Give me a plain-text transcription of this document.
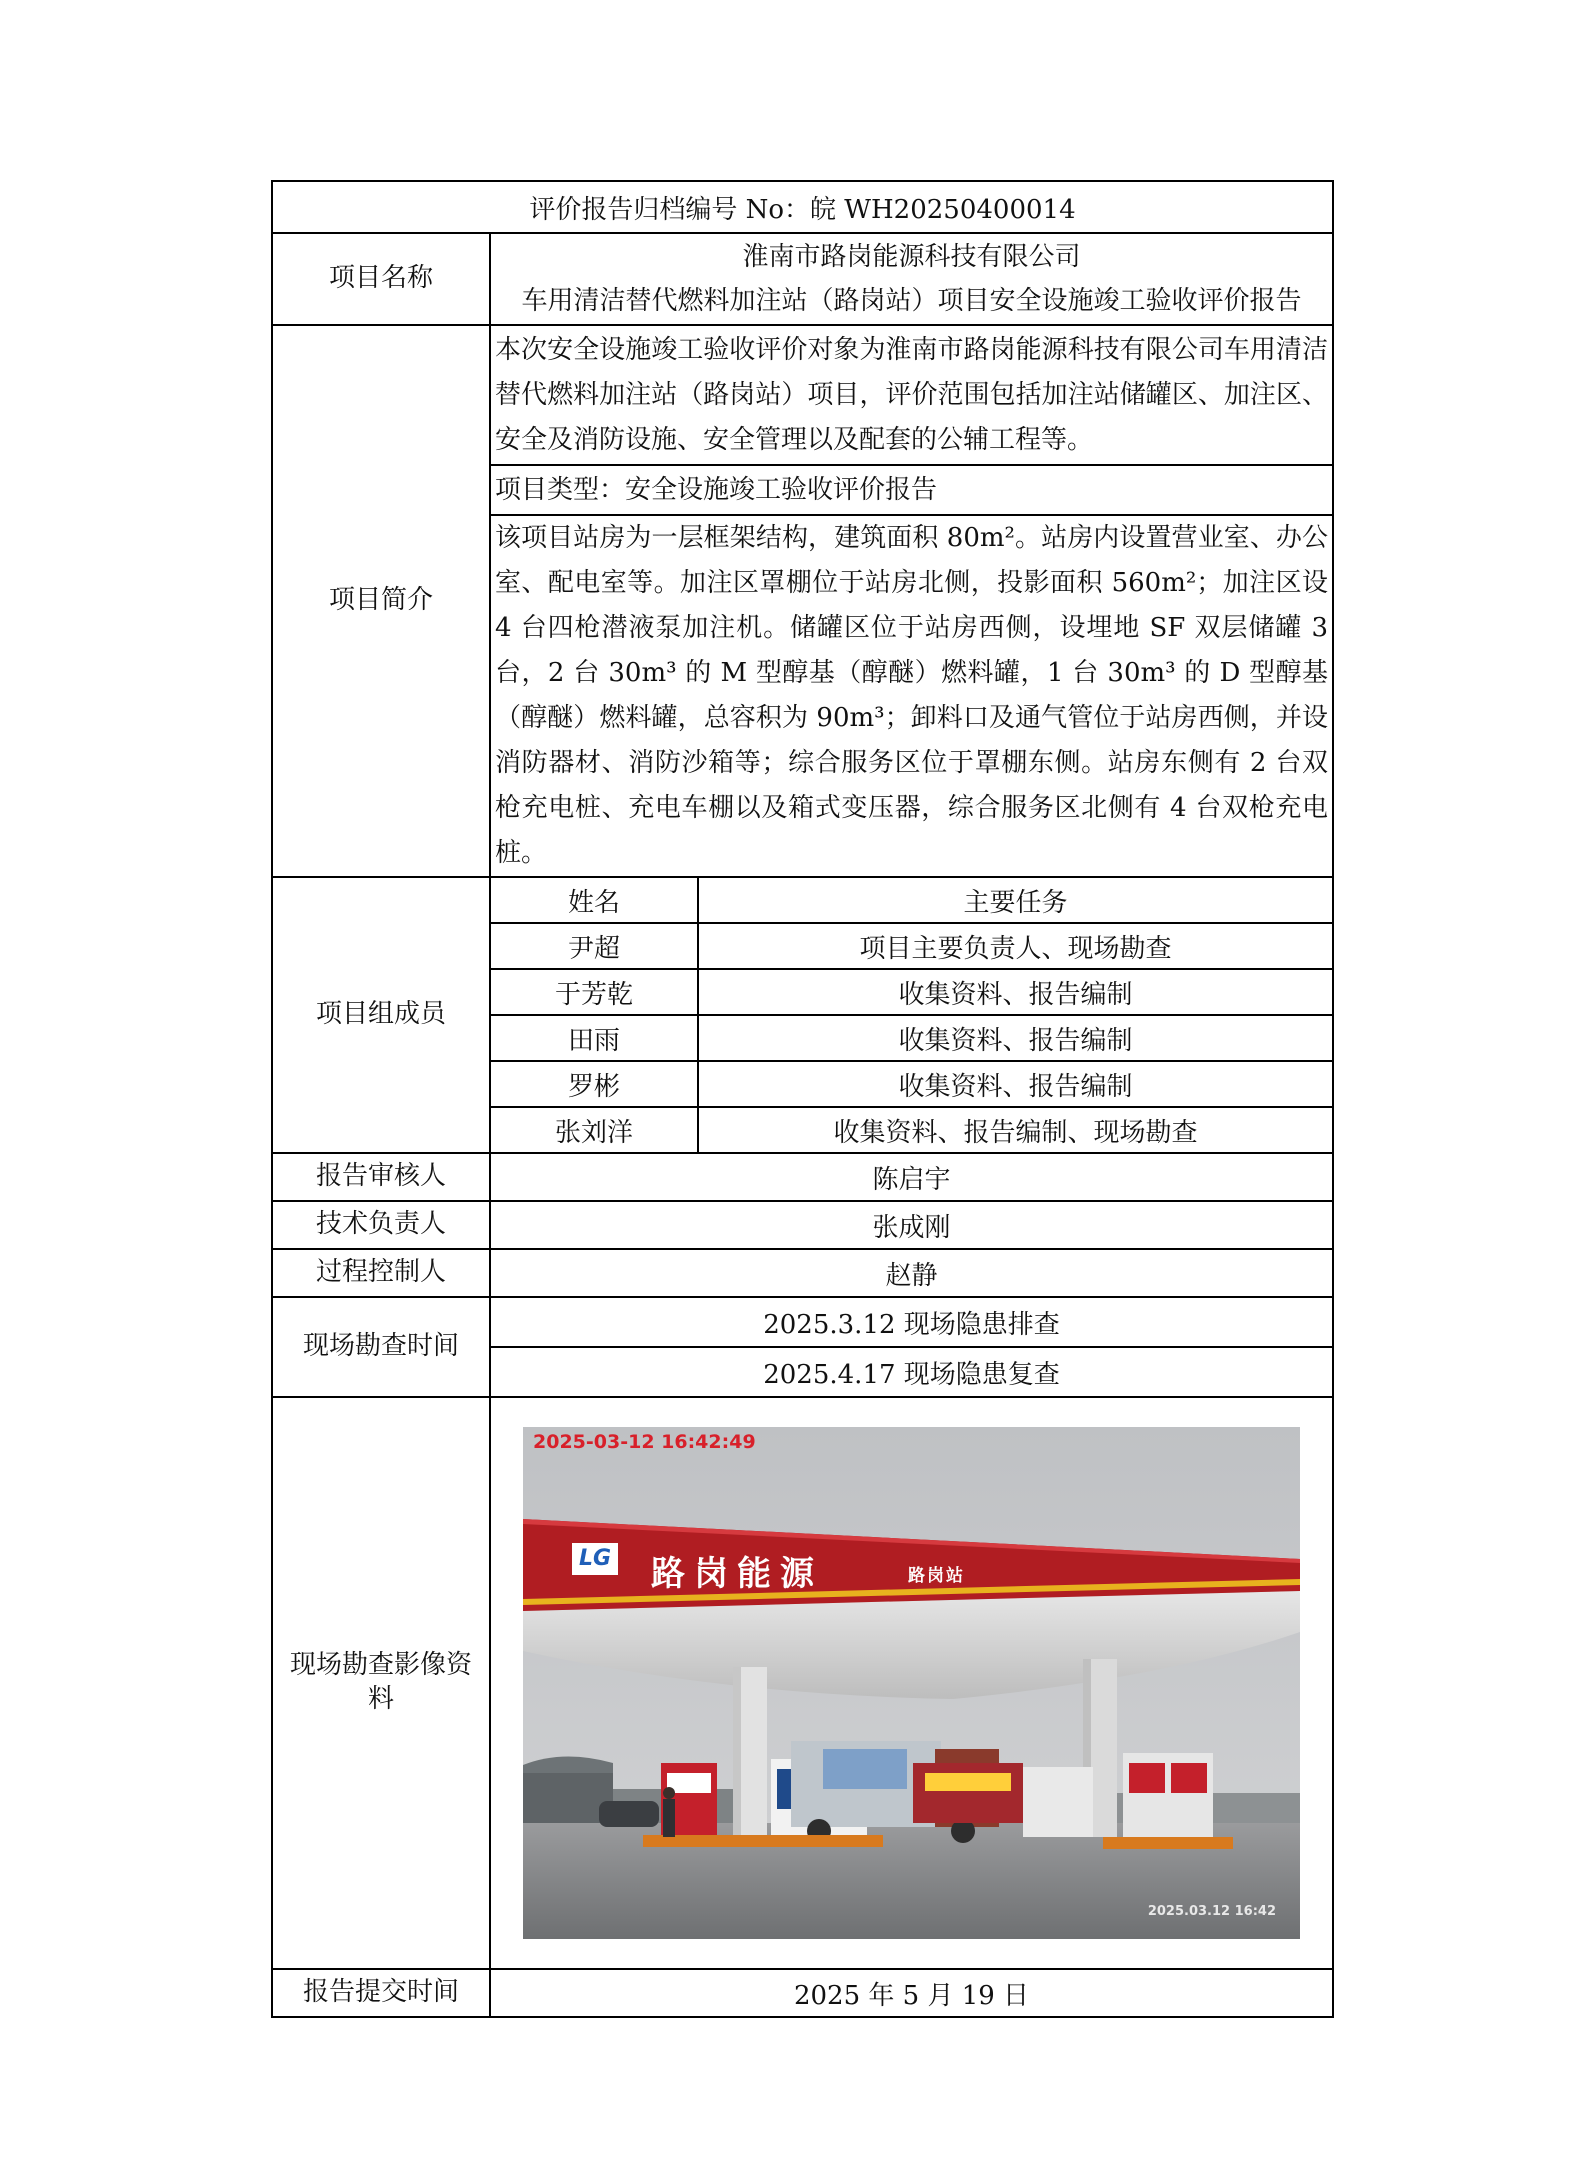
评价报告归档编号 No：皖 WH20250400014		
项目名称	淮南市路岗能源科技有限公司
车用清洁替代燃料加注站（路岗站）项目安全设施竣工验收评价报告	

项目简介	本次安全设施竣工验收评价对象为淮南市路岗能源科技有限公司车用清洁替代燃料加注站（路岗站）项目，评价范围包括加注站储罐区、加注区、安全及消防设施、安全管理以及配套的公辅工程等。	
	项目类型：安全设施竣工验收评价报告	
	该项目站房为一层框架结构，建筑面积 80m²。站房内设置营业室、办公室、配电室等。加注区罩棚位于站房北侧，投影面积 560m²；加注区设 4 台四枪潜液泵加注机。储罐区位于站房西侧，设埋地 SF 双层储罐 3 台，2 台 30m³ 的 M 型醇基（醇醚）燃料罐，1 台 30m³ 的 D 型醇基（醇醚）燃料罐，总容积为 90m³；卸料口及通气管位于站房西侧，并设消防器材、消防沙箱等；综合服务区位于罩棚东侧。站房东侧有 2 台双枪充电桩、充电车棚以及箱式变压器，综合服务区北侧有 4 台双枪充电桩。	
项目组成员	姓名	主要任务
	尹超	项目主要负责人、现场勘查
	于芳乾	收集资料、报告编制
	田雨	收集资料、报告编制
	罗彬	收集资料、报告编制
	张刘洋	收集资料、报告编制、现场勘查
报告审核人	陈启宇	
技术负责人	张成刚	
过程控制人	赵静	
现场勘查时间	2025.3.12 现场隐患排查	
	2025.4.17 现场隐患复查	
现场勘查影像资料	LG 路岗能源 路岗站
2025-03-12 16:42:49
2025.03.12 16:42	

报告提交时间	2025 年 5 月 19 日	
